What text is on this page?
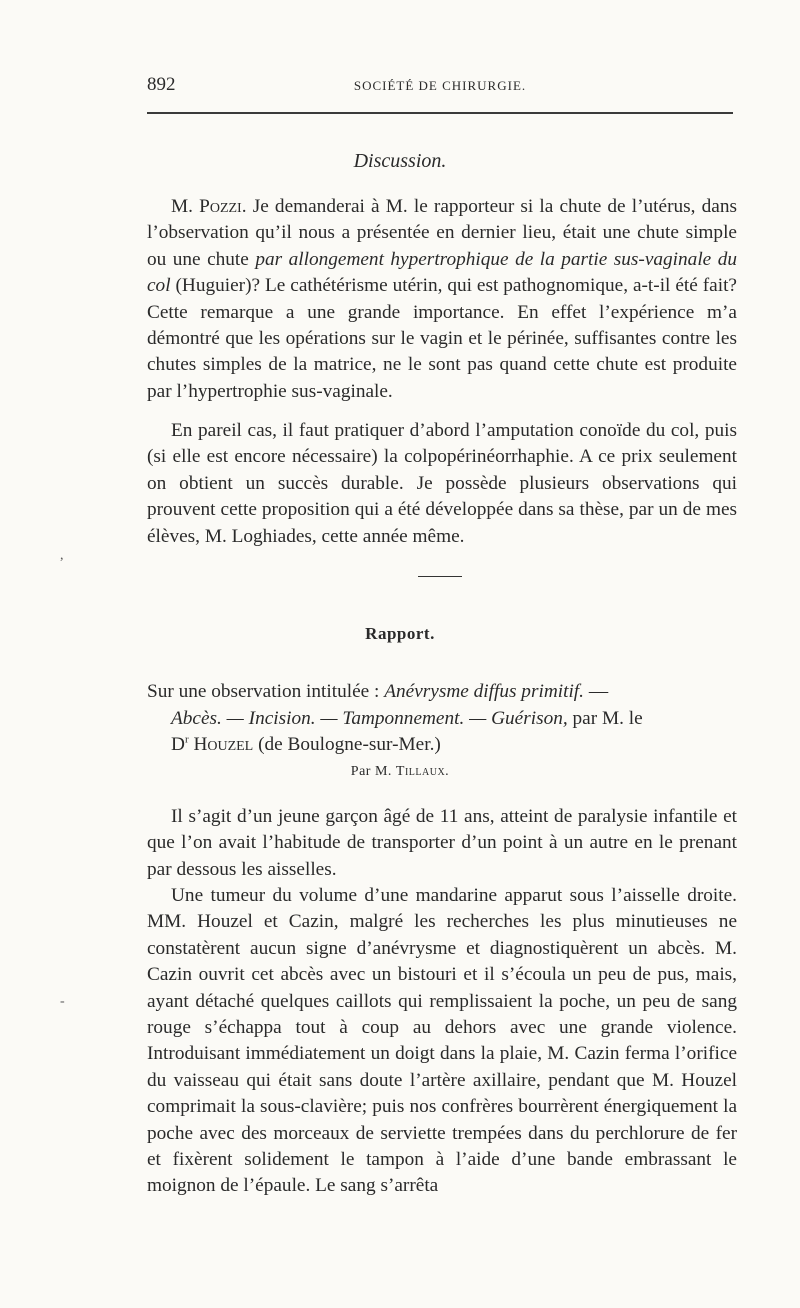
892	SOCIÉTÉ DE CHIRURGIE.
Discussion.

M. Pozzi. Je demanderai à M. le rapporteur si la chute de l’utérus, dans l’observation qu’il nous a présentée en dernier lieu, était une chute simple ou une chute par allongement hypertrophique de la partie sus-vaginale du col (Huguier)? Le cathétérisme utérin, qui est pathognomique, a-t-il été fait? Cette remarque a une grande importance. En effet l’expérience m’a démontré que les opérations sur le vagin et le périnée, suffisantes contre les chutes simples de la matrice, ne le sont pas quand cette chute est produite par l’hypertrophie sus-vaginale.

En pareil cas, il faut pratiquer d’abord l’amputation conoïde du col, puis (si elle est encore nécessaire) la colpopérinéorrhaphie. A ce prix seulement on obtient un succès durable. Je possède plusieurs observations qui prouvent cette proposition qui a été développée dans sa thèse, par un de mes élèves, M. Loghiades, cette année même.

,
Rapport.
Sur une observation intitulée : Anévrysme diffus primitif. —
Abcès. — Incision. — Tamponnement. — Guérison, par M. le
$D^r$ Houzel (de Boulogne-sur-Mer.)
Par M. Tillaux.

Il s’agit d’un jeune garçon âgé de 11 ans, atteint de paralysie infantile et que l’on avait l’habitude de transporter d’un point à un autre en le prenant par dessous les aisselles.

Une tumeur du volume d’une mandarine apparut sous l’aisselle droite. MM. Houzel et Cazin, malgré les recherches les plus minutieuses ne constatèrent aucun signe d’anévrysme et diagnostiquèrent un abcès. M. Cazin ouvrit cet abcès avec un bistouri et il s’écoula un peu de pus, mais, ayant détaché quelques caillots qui remplissaient la poche, un peu de sang rouge s’échappa tout à coup au dehors avec une grande violence. Introduisant immédiatement un doigt dans la plaie, M. Cazin ferma l’orifice du vaisseau qui était sans doute l’artère axillaire, pendant que M. Houzel comprimait la sous-clavière; puis nos confrères bourrèrent énergiquement la poche avec des morceaux de serviette trempées dans du perchlorure de fer et fixèrent solidement le tampon à l’aide d’une bande embrassant le moignon de l’épaule. Le sang s’arrêta

-
